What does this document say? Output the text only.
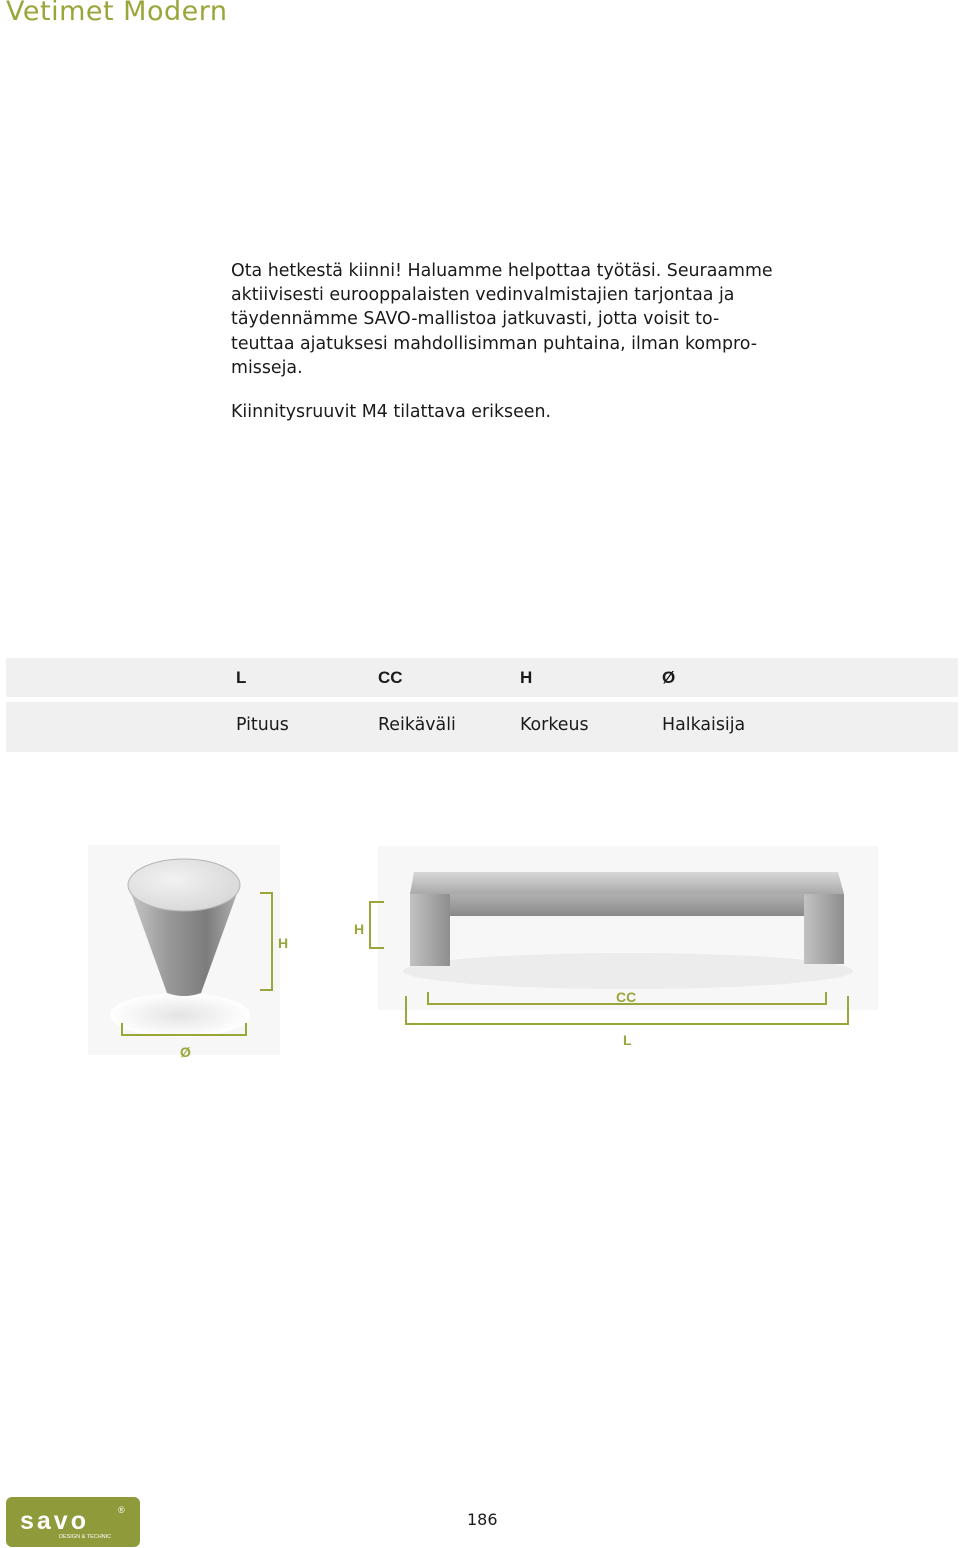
Vetimet Modern

Ota hetkestä kiinni! Haluamme helpottaa työtäsi. Seuraamme
aktiivisesti eurooppalaisten vedinvalmistajien tarjontaa ja
täydennämme SAVO-mallistoa jatkuvasti, jotta voisit to-
teuttaa ajatuksesi mahdollisimman puhtaina, ilman kompro-
misseja.

Kiinnitysruuvit M4 tilattava erikseen.

L	CC	H	Ø
Pituus	Reikäväli	Korkeus	Halkaisija
H
Ø
H
CC
L
savo	®
DESIGN & TECHNIC
186
